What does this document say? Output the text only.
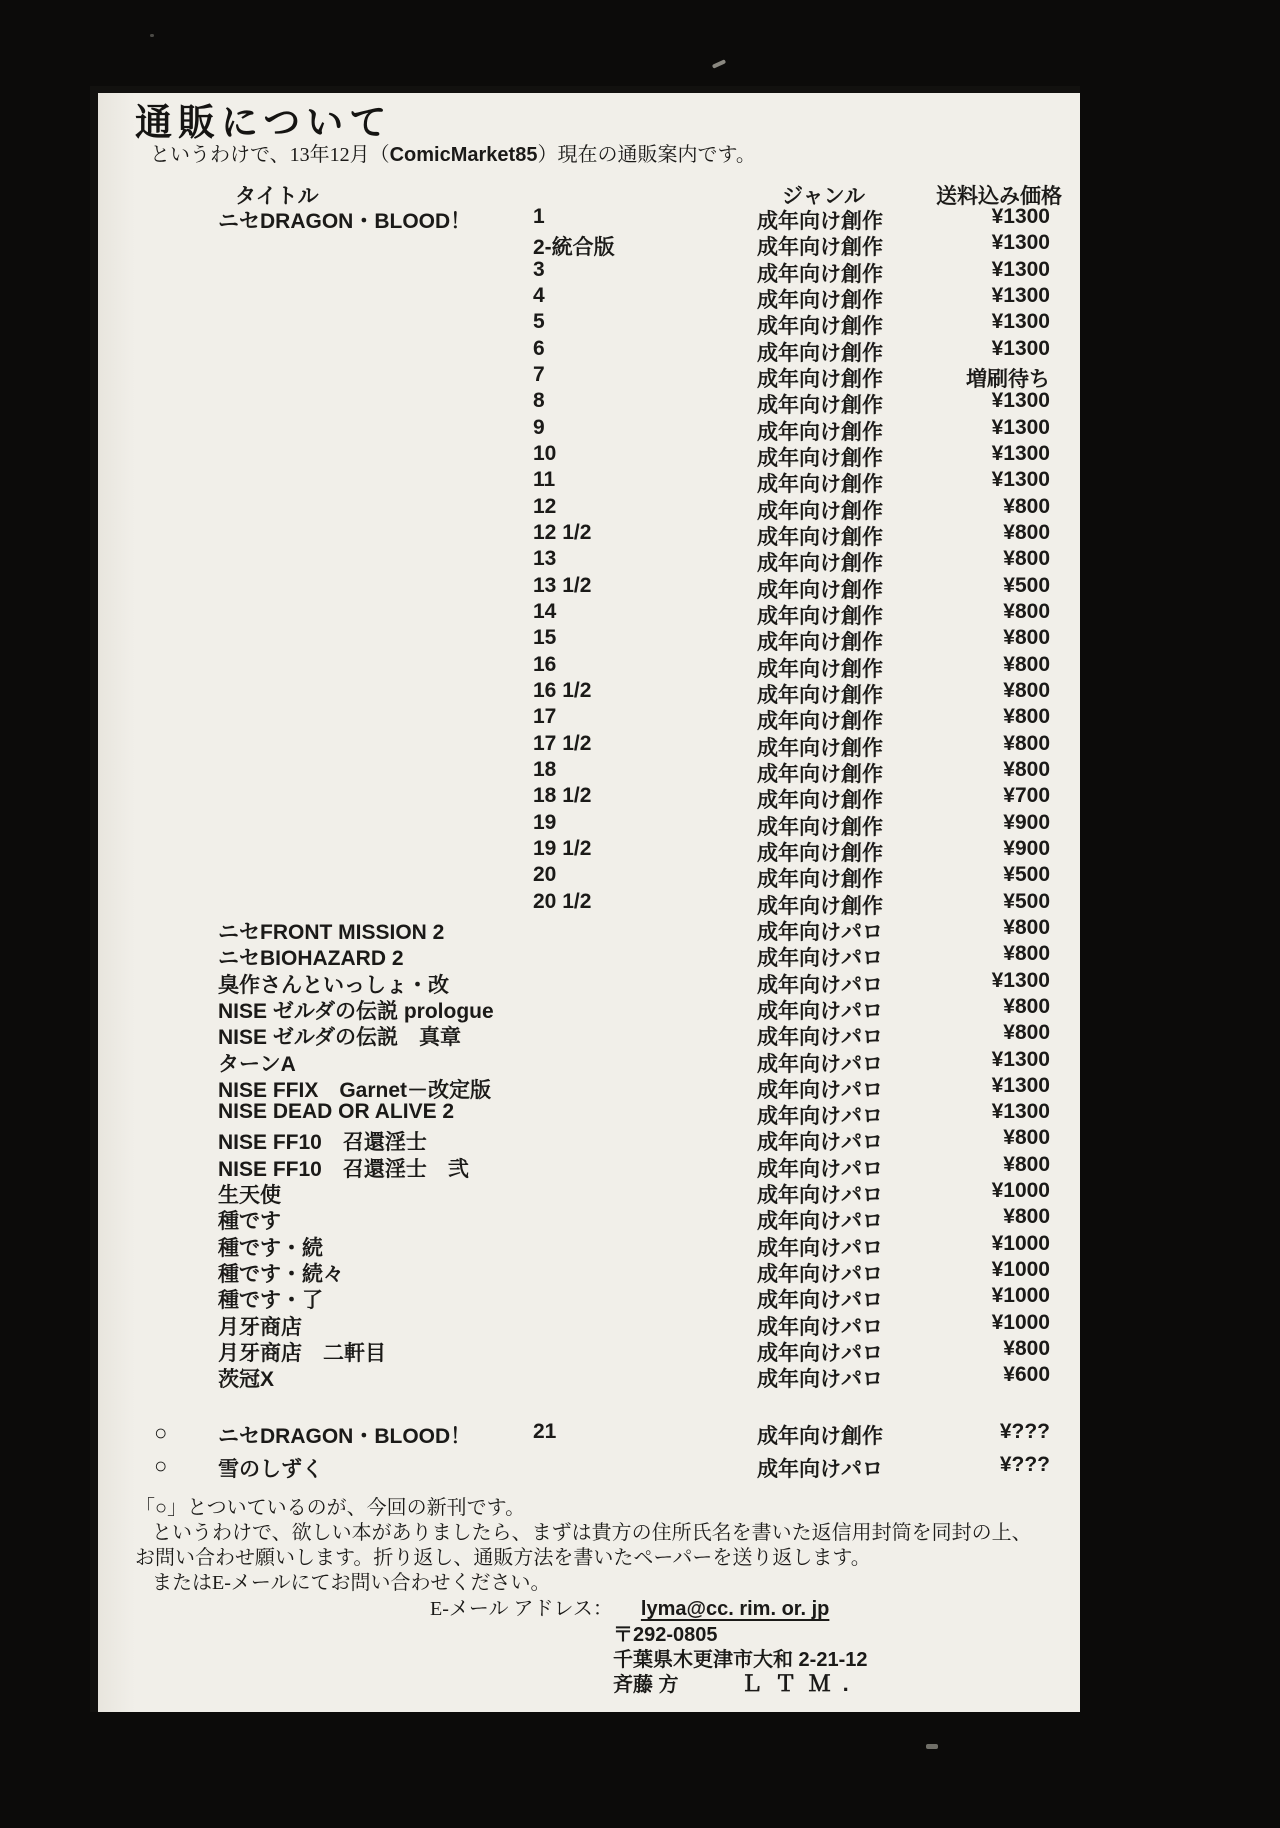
通販について

というわけで、13年12月（ComicMarket85）現在の通販案内です。

タイトル	ジャンル	送料込み価格
ニセDRAGON・BLOOD！	1	成年向け創作	¥1300
2-統合版	成年向け創作	¥1300
3	成年向け創作	¥1300
4	成年向け創作	¥1300
5	成年向け創作	¥1300
6	成年向け創作	¥1300
7	成年向け創作	増刷待ち
8	成年向け創作	¥1300
9	成年向け創作	¥1300
10	成年向け創作	¥1300
11	成年向け創作	¥1300
12	成年向け創作	¥800
12 1/2	成年向け創作	¥800
13	成年向け創作	¥800
13 1/2	成年向け創作	¥500
14	成年向け創作	¥800
15	成年向け創作	¥800
16	成年向け創作	¥800
16 1/2	成年向け創作	¥800
17	成年向け創作	¥800
17 1/2	成年向け創作	¥800
18	成年向け創作	¥800
18 1/2	成年向け創作	¥700
19	成年向け創作	¥900
19 1/2	成年向け創作	¥900
20	成年向け創作	¥500
20 1/2	成年向け創作	¥500
ニセFRONT MISSION 2	成年向けパロ	¥800
ニセBIOHAZARD 2	成年向けパロ	¥800
臭作さんといっしょ・改	成年向けパロ	¥1300
NISE ゼルダの伝説 prologue	成年向けパロ	¥800
NISE ゼルダの伝説　真章	成年向けパロ	¥800
ターンA	成年向けパロ	¥1300
NISE FFIX　Garnet－改定版	成年向けパロ	¥1300
NISE DEAD OR ALIVE 2	成年向けパロ	¥1300
NISE FF10　召還淫士	成年向けパロ	¥800
NISE FF10　召還淫士　弐	成年向けパロ	¥800
生天使	成年向けパロ	¥1000
種です	成年向けパロ	¥800
種です・続	成年向けパロ	¥1000
種です・続々	成年向けパロ	¥1000
種です・了	成年向けパロ	¥1000
月牙商店	成年向けパロ	¥1000
月牙商店　二軒目	成年向けパロ	¥800
茨冠X	成年向けパロ	¥600
○ ニセDRAGON・BLOOD！	21	成年向け創作	¥???
○ 雪のしずく	成年向けパロ	¥???

「○」とついているのが、今回の新刊です。

というわけで、欲しい本がありましたら、まずは貴方の住所氏名を書いた返信用封筒を同封の上、

お問い合わせ願いします。折り返し、通販方法を書いたペーパーを送り返します。

またはE-メールにてお問い合わせください。

E-メール アドレス： lyma@cc. rim. or. jp

〒292-0805

千葉県木更津市大和 2-21-12

斉藤 方	ＬＴＭ.
